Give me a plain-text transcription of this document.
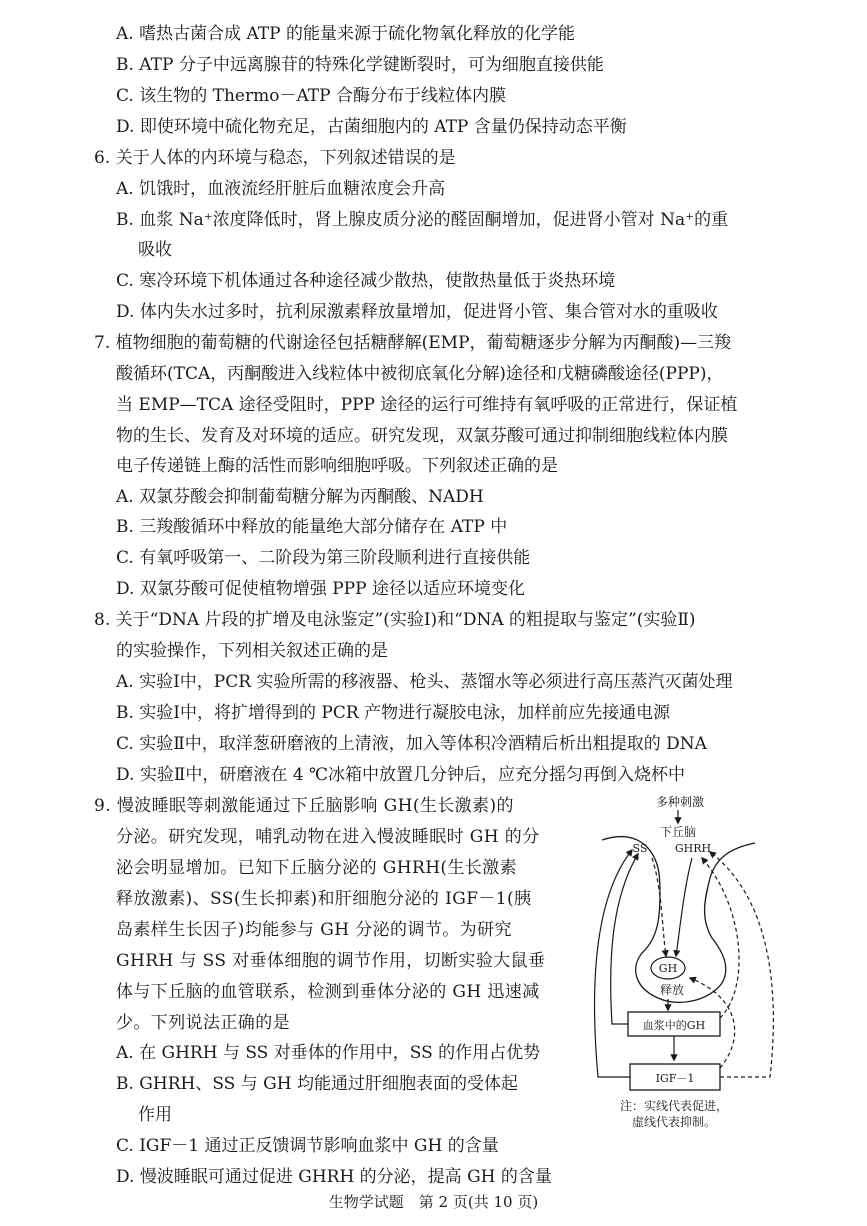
A. 嗜热古菌合成 ATP 的能量来源于硫化物氧化释放的化学能
B. ATP 分子中远离腺苷的特殊化学键断裂时，可为细胞直接供能
C. 该生物的 Thermo－ATP 合酶分布于线粒体内膜
D. 即使环境中硫化物充足，古菌细胞内的 ATP 含量仍保持动态平衡
6. 关于人体的内环境与稳态，下列叙述错误的是
A. 饥饿时，血液流经肝脏后血糖浓度会升高
B. 血浆 Na⁺浓度降低时，肾上腺皮质分泌的醛固酮增加，促进肾小管对 Na⁺的重
吸收
C. 寒冷环境下机体通过各种途径减少散热，使散热量低于炎热环境
D. 体内失水过多时，抗利尿激素释放量增加，促进肾小管、集合管对水的重吸收
7. 植物细胞的葡萄糖的代谢途径包括糖酵解(EMP，葡萄糖逐步分解为丙酮酸)—三羧
酸循环(TCA，丙酮酸进入线粒体中被彻底氧化分解)途径和戊糖磷酸途径(PPP)，
当 EMP—TCA 途径受阻时，PPP 途径的运行可维持有氧呼吸的正常进行，保证植
物的生长、发育及对环境的适应。研究发现，双氯芬酸可通过抑制细胞线粒体内膜
电子传递链上酶的活性而影响细胞呼吸。下列叙述正确的是
A. 双氯芬酸会抑制葡萄糖分解为丙酮酸、NADH
B. 三羧酸循环中释放的能量绝大部分储存在 ATP 中
C. 有氧呼吸第一、二阶段为第三阶段顺利进行直接供能
D. 双氯芬酸可促使植物增强 PPP 途径以适应环境变化
8. 关于“DNA 片段的扩增及电泳鉴定”(实验Ⅰ)和“DNA 的粗提取与鉴定”(实验Ⅱ)
的实验操作，下列相关叙述正确的是
A. 实验Ⅰ中，PCR 实验所需的移液器、枪头、蒸馏水等必须进行高压蒸汽灭菌处理
B. 实验Ⅰ中，将扩增得到的 PCR 产物进行凝胶电泳，加样前应先接通电源
C. 实验Ⅱ中，取洋葱研磨液的上清液，加入等体积冷酒精后析出粗提取的 DNA
D. 实验Ⅱ中，研磨液在 4 ℃冰箱中放置几分钟后，应充分摇匀再倒入烧杯中
9. 慢波睡眠等刺激能通过下丘脑影响 GH(生长激素)的
分泌。研究发现，哺乳动物在进入慢波睡眠时 GH 的分
泌会明显增加。已知下丘脑分泌的 GHRH(生长激素
释放激素)、SS(生长抑素)和肝细胞分泌的 IGF－1(胰
岛素样生长因子)均能参与 GH 分泌的调节。为研究
GHRH 与 SS 对垂体细胞的调节作用，切断实验大鼠垂
体与下丘脑的血管联系，检测到垂体分泌的 GH 迅速减
少。下列说法正确的是
A. 在 GHRH 与 SS 对垂体的作用中，SS 的作用占优势
B. GHRH、SS 与 GH 均能通过肝细胞表面的受体起
作用
C. IGF－1 通过正反馈调节影响血浆中 GH 的含量
D. 慢波睡眠可通过促进 GHRH 的分泌，提高 GH 的含量
多种刺激
下丘脑
SS GHRH
GH
释放
血浆中的GH
IGF－1
注：实线代表促进，
虚线代表抑制。
生物学试题　第 2 页(共 10 页)
